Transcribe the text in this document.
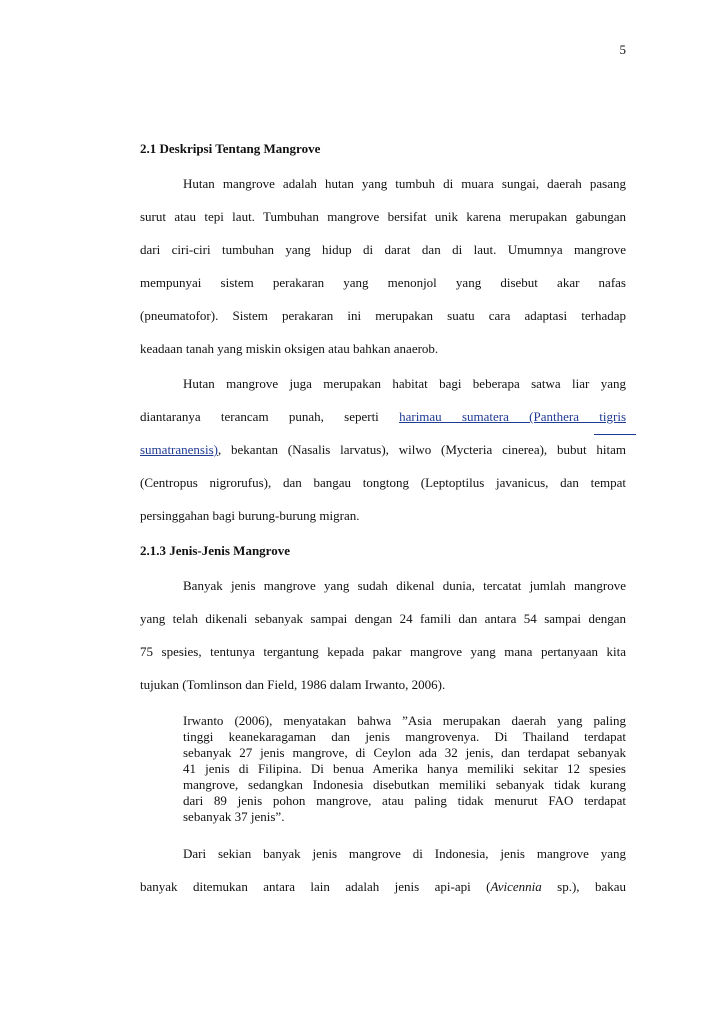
5
2.1 Deskripsi Tentang Mangrove
Hutan mangrove adalah hutan yang tumbuh di muara sungai, daerah pasang
surut atau tepi laut. Tumbuhan mangrove bersifat unik karena merupakan gabungan
dari ciri-ciri tumbuhan yang hidup di darat dan di laut. Umumnya mangrove
mempunyai sistem perakaran yang menonjol yang disebut akar nafas
(pneumatofor). Sistem perakaran ini merupakan suatu cara adaptasi terhadap
keadaan tanah yang miskin oksigen atau bahkan anaerob.
Hutan mangrove juga merupakan habitat bagi beberapa satwa liar yang
diantaranya terancam punah, seperti harimau sumatera (Panthera tigris
sumatranensis), bekantan (Nasalis larvatus), wilwo (Mycteria cinerea), bubut hitam
(Centropus nigrorufus), dan bangau tongtong (Leptoptilus javanicus, dan tempat
persinggahan bagi burung-burung migran.
2.1.3 Jenis-Jenis Mangrove
Banyak jenis mangrove yang sudah dikenal dunia, tercatat jumlah mangrove
yang telah dikenali sebanyak sampai dengan 24 famili dan antara 54 sampai dengan
75 spesies, tentunya tergantung kepada pakar mangrove yang mana pertanyaan kita
tujukan (Tomlinson dan Field, 1986 dalam Irwanto, 2006).
Irwanto (2006), menyatakan bahwa ”Asia merupakan daerah yang paling
tinggi keanekaragaman dan jenis mangrovenya. Di Thailand terdapat
sebanyak 27 jenis mangrove, di Ceylon ada 32 jenis, dan terdapat sebanyak
41 jenis di Filipina. Di benua Amerika hanya memiliki sekitar 12 spesies
mangrove, sedangkan Indonesia disebutkan memiliki sebanyak tidak kurang
dari 89 jenis pohon mangrove, atau paling tidak menurut FAO terdapat
sebanyak 37 jenis”.
Dari sekian banyak jenis mangrove di Indonesia, jenis mangrove yang
banyak ditemukan antara lain adalah jenis api-api (Avicennia sp.), bakau
